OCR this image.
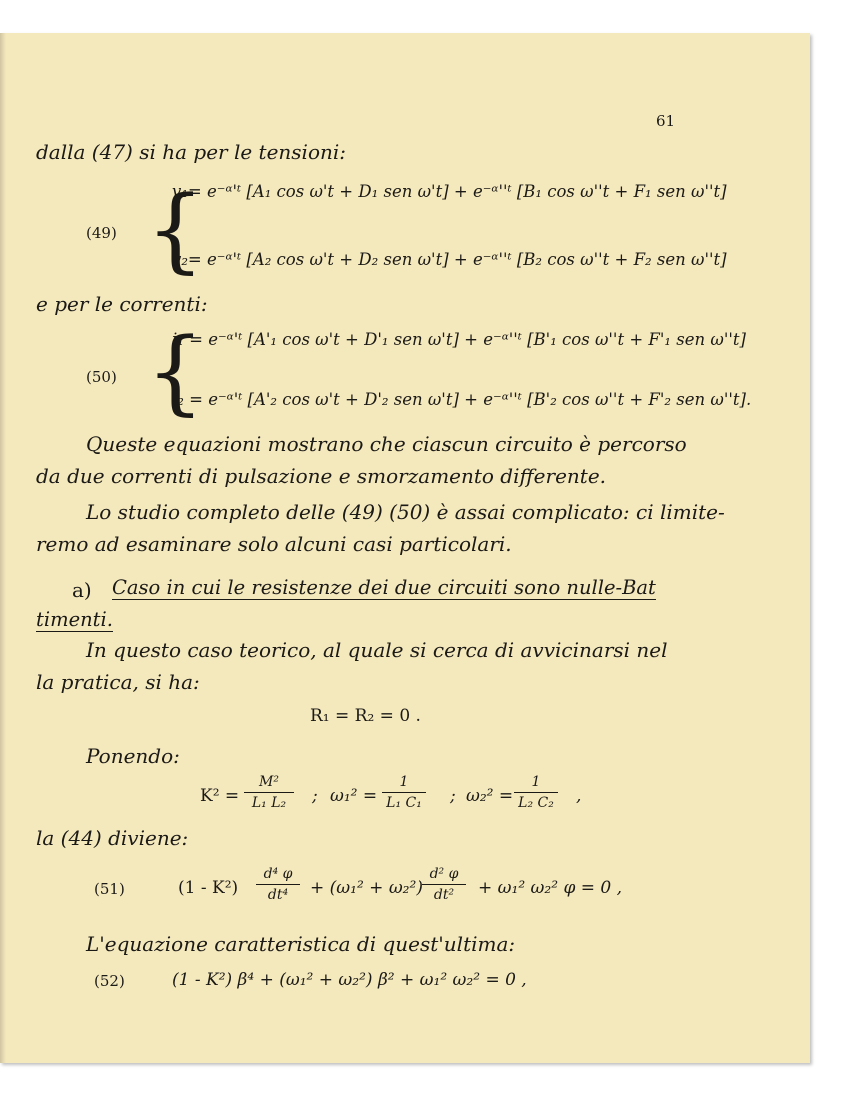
61
dalla (47) si ha per le tensioni:
(49) {
v₁= e⁻ᵅ'ᵗ [A₁ cos ω't + D₁ sen ω't] + e⁻ᵅ''ᵗ [B₁ cos ω''t + F₁ sen ω''t]
v₂= e⁻ᵅ'ᵗ [A₂ cos ω't + D₂ sen ω't] + e⁻ᵅ''ᵗ [B₂ cos ω''t + F₂ sen ω''t]
e per le correnti:
(50) {
i₁ = e⁻ᵅ'ᵗ [A'₁ cos ω't + D'₁ sen ω't] + e⁻ᵅ''ᵗ [B'₁ cos ω''t + F'₁ sen ω''t]
i₂ = e⁻ᵅ'ᵗ [A'₂ cos ω't + D'₂ sen ω't] + e⁻ᵅ''ᵗ [B'₂ cos ω''t + F'₂ sen ω''t].
Queste equazioni mostrano che ciascun circuito è percorso
da due correnti di pulsazione e smorzamento differente.
Lo studio completo delle (49) (50) è assai complicato: ci limite-
remo ad esaminare solo alcuni casi particolari.
a) Caso in cui le resistenze dei due circuiti sono nulle-Bat
timenti.
In questo caso teorico, al quale si cerca di avvicinarsi nel
la pratica, si ha:
R₁ = R₂ = 0 .
Ponendo:
K² =
M²
L₁ L₂	; ω₁² =
1
L₁ C₁ ; ω₂² =
1
L₂ C₂ ,
la (44) diviene:
(51)	(1 - K²)
d⁴ φ
dt⁴	+ (ω₁² + ω₂²)
d² φ
dt²	+ ω₁² ω₂² φ = 0 ,
L'equazione caratteristica di quest'ultima:
(52)	(1 - K²) β⁴ + (ω₁² + ω₂²) β² + ω₁² ω₂² = 0 ,
